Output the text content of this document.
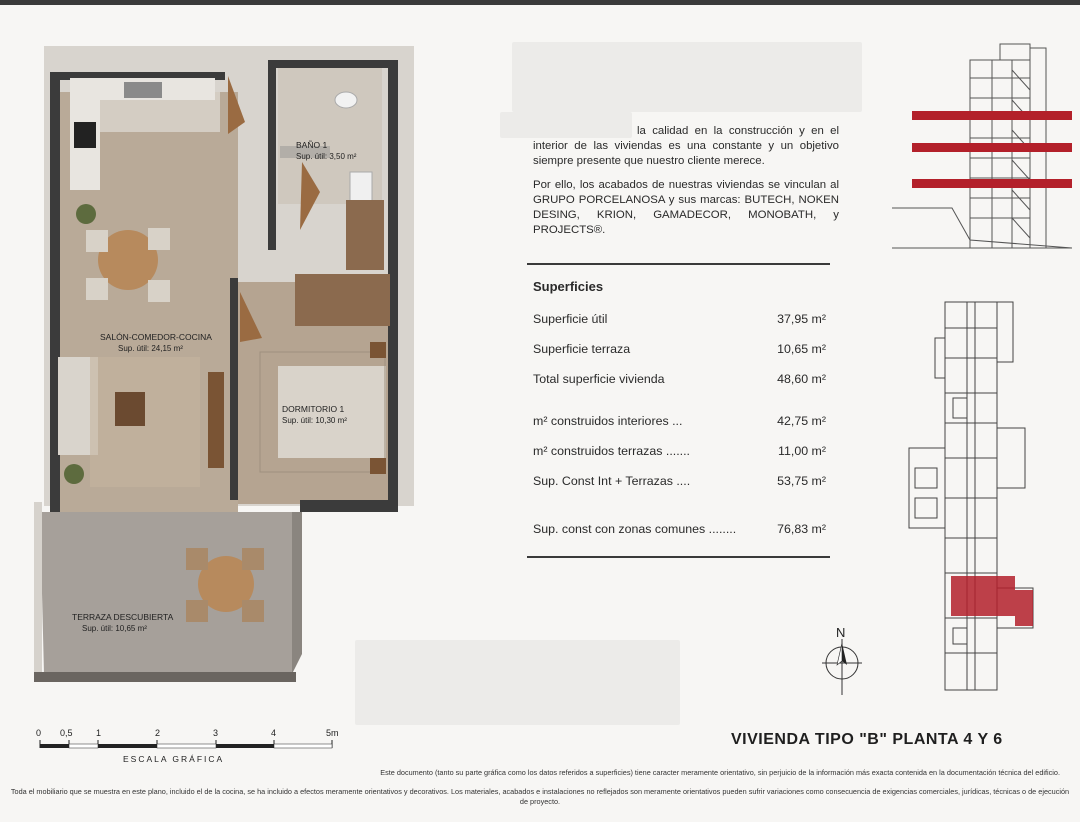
BAÑO 1
Sup. útil: 3,50 m²
SALÓN-COMEDOR-COCINA
Sup. útil: 24,15 m²
DORMITORIO 1
Sup. útil: 10,30 m²
TERRAZA DESCUBIERTA
Sup. útil: 10,65 m²
0 0,5	1	2	3	4	5m
ESCALA GRÁFICA

la calidad en la construcción y en el interior de las viviendas es una constante y un objetivo siempre presente que nuestro cliente merece.

Por ello, los acabados de nuestras viviendas se vinculan al GRUPO PORCELANOSA y sus marcas: BUTECH, NOKEN DESING, KRION, GAMADECOR, MONOBATH, y PROJECTS®.

Superficies
Superficie útil	37,95 m²
Superficie terraza	10,65 m²
Total superficie vivienda	48,60 m²
m² construidos interiores ...	42,75 m²
m² construidos terrazas .......	11,00 m²
Sup. Const Int + Terrazas ....	53,75 m²
Sup. const con zonas comunes ........	76,83 m²
N
VIVIENDA TIPO "B" PLANTA 4 Y 6
Este documento (tanto su parte gráfica como los datos referidos a superficies) tiene caracter meramente orientativo, sin perjuicio de la información más exacta contenida en la documentación técnica del edificio.
Toda el mobiliario que se muestra en este plano, incluido el de la cocina, se ha incluido a efectos meramente orientativos y decorativos. Los materiales, acabados e instalaciones no reflejados son meramente orientativos pueden sufrir variaciones como consecuencia de exigencias comerciales, jurídicas, técnicas o de ejecución de proyecto.
